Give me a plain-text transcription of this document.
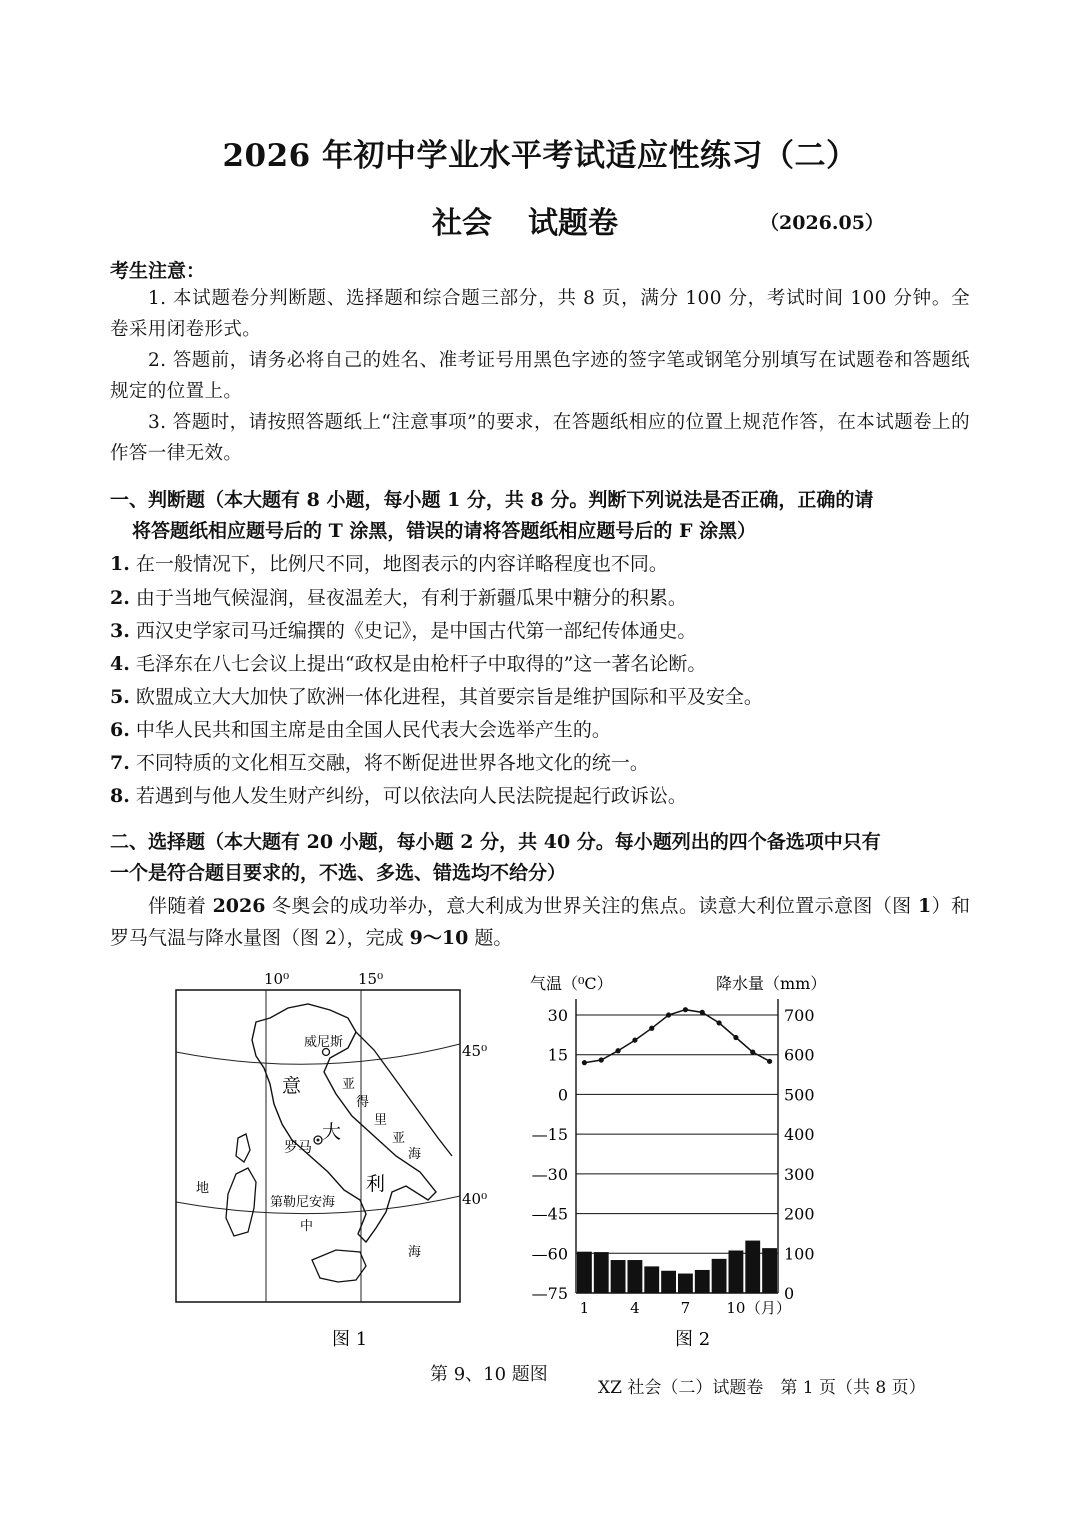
2026 年初中学业水平考试适应性练习（二）
社会 试题卷	（2026.05）
考生注意：
1. 本试题卷分判断题、选择题和综合题三部分，共 8 页，满分 100 分，考试时间 100 分钟。全卷采用闭卷形式。
2. 答题前，请务必将自己的姓名、准考证号用黑色字迹的签字笔或钢笔分别填写在试题卷和答题纸规定的位置上。
3. 答题时，请按照答题纸上“注意事项”的要求，在答题纸相应的位置上规范作答，在本试题卷上的作答一律无效。
一、判断题（本大题有 8 小题，每小题 1 分，共 8 分。判断下列说法是否正确，正确的请
将答题纸相应题号后的 T 涂黑，错误的请将答题纸相应题号后的 F 涂黑）
1. 在一般情况下，比例尺不同，地图表示的内容详略程度也不同。
2. 由于当地气候湿润，昼夜温差大，有利于新疆瓜果中糖分的积累。
3. 西汉史学家司马迁编撰的《史记》，是中国古代第一部纪传体通史。
4. 毛泽东在八七会议上提出“政权是由枪杆子中取得的”这一著名论断。
5. 欧盟成立大大加快了欧洲一体化进程，其首要宗旨是维护国际和平及安全。
6. 中华人民共和国主席是由全国人民代表大会选举产生的。
7. 不同特质的文化相互交融，将不断促进世界各地文化的统一。
8. 若遇到与他人发生财产纠纷，可以依法向人民法院提起行政诉讼。
二、选择题（本大题有 20 小题，每小题 2 分，共 40 分。每小题列出的四个备选项中只有
一个是符合题目要求的，不选、多选、错选均不给分）
伴随着 2026 冬奥会的成功举办，意大利成为世界关注的焦点。读意大利位置示意图（图 1）和罗马气温与降水量图（图 2），完成 9～10 题。
10⁰	15⁰
45⁰
40⁰
威尼斯
罗马
意
大
利
亚
得
里
亚
海
第勒尼安海
地
中
海
图 1
气温（⁰C）	降水量（mm）
30
15
0
—15
—30
—45
—60
—75
700
600
500
400
300
200
100
0
1	4	7 10 （月）
图 2
第 9、10 题图
XZ 社会（二）试题卷　第 1 页（共 8 页）
